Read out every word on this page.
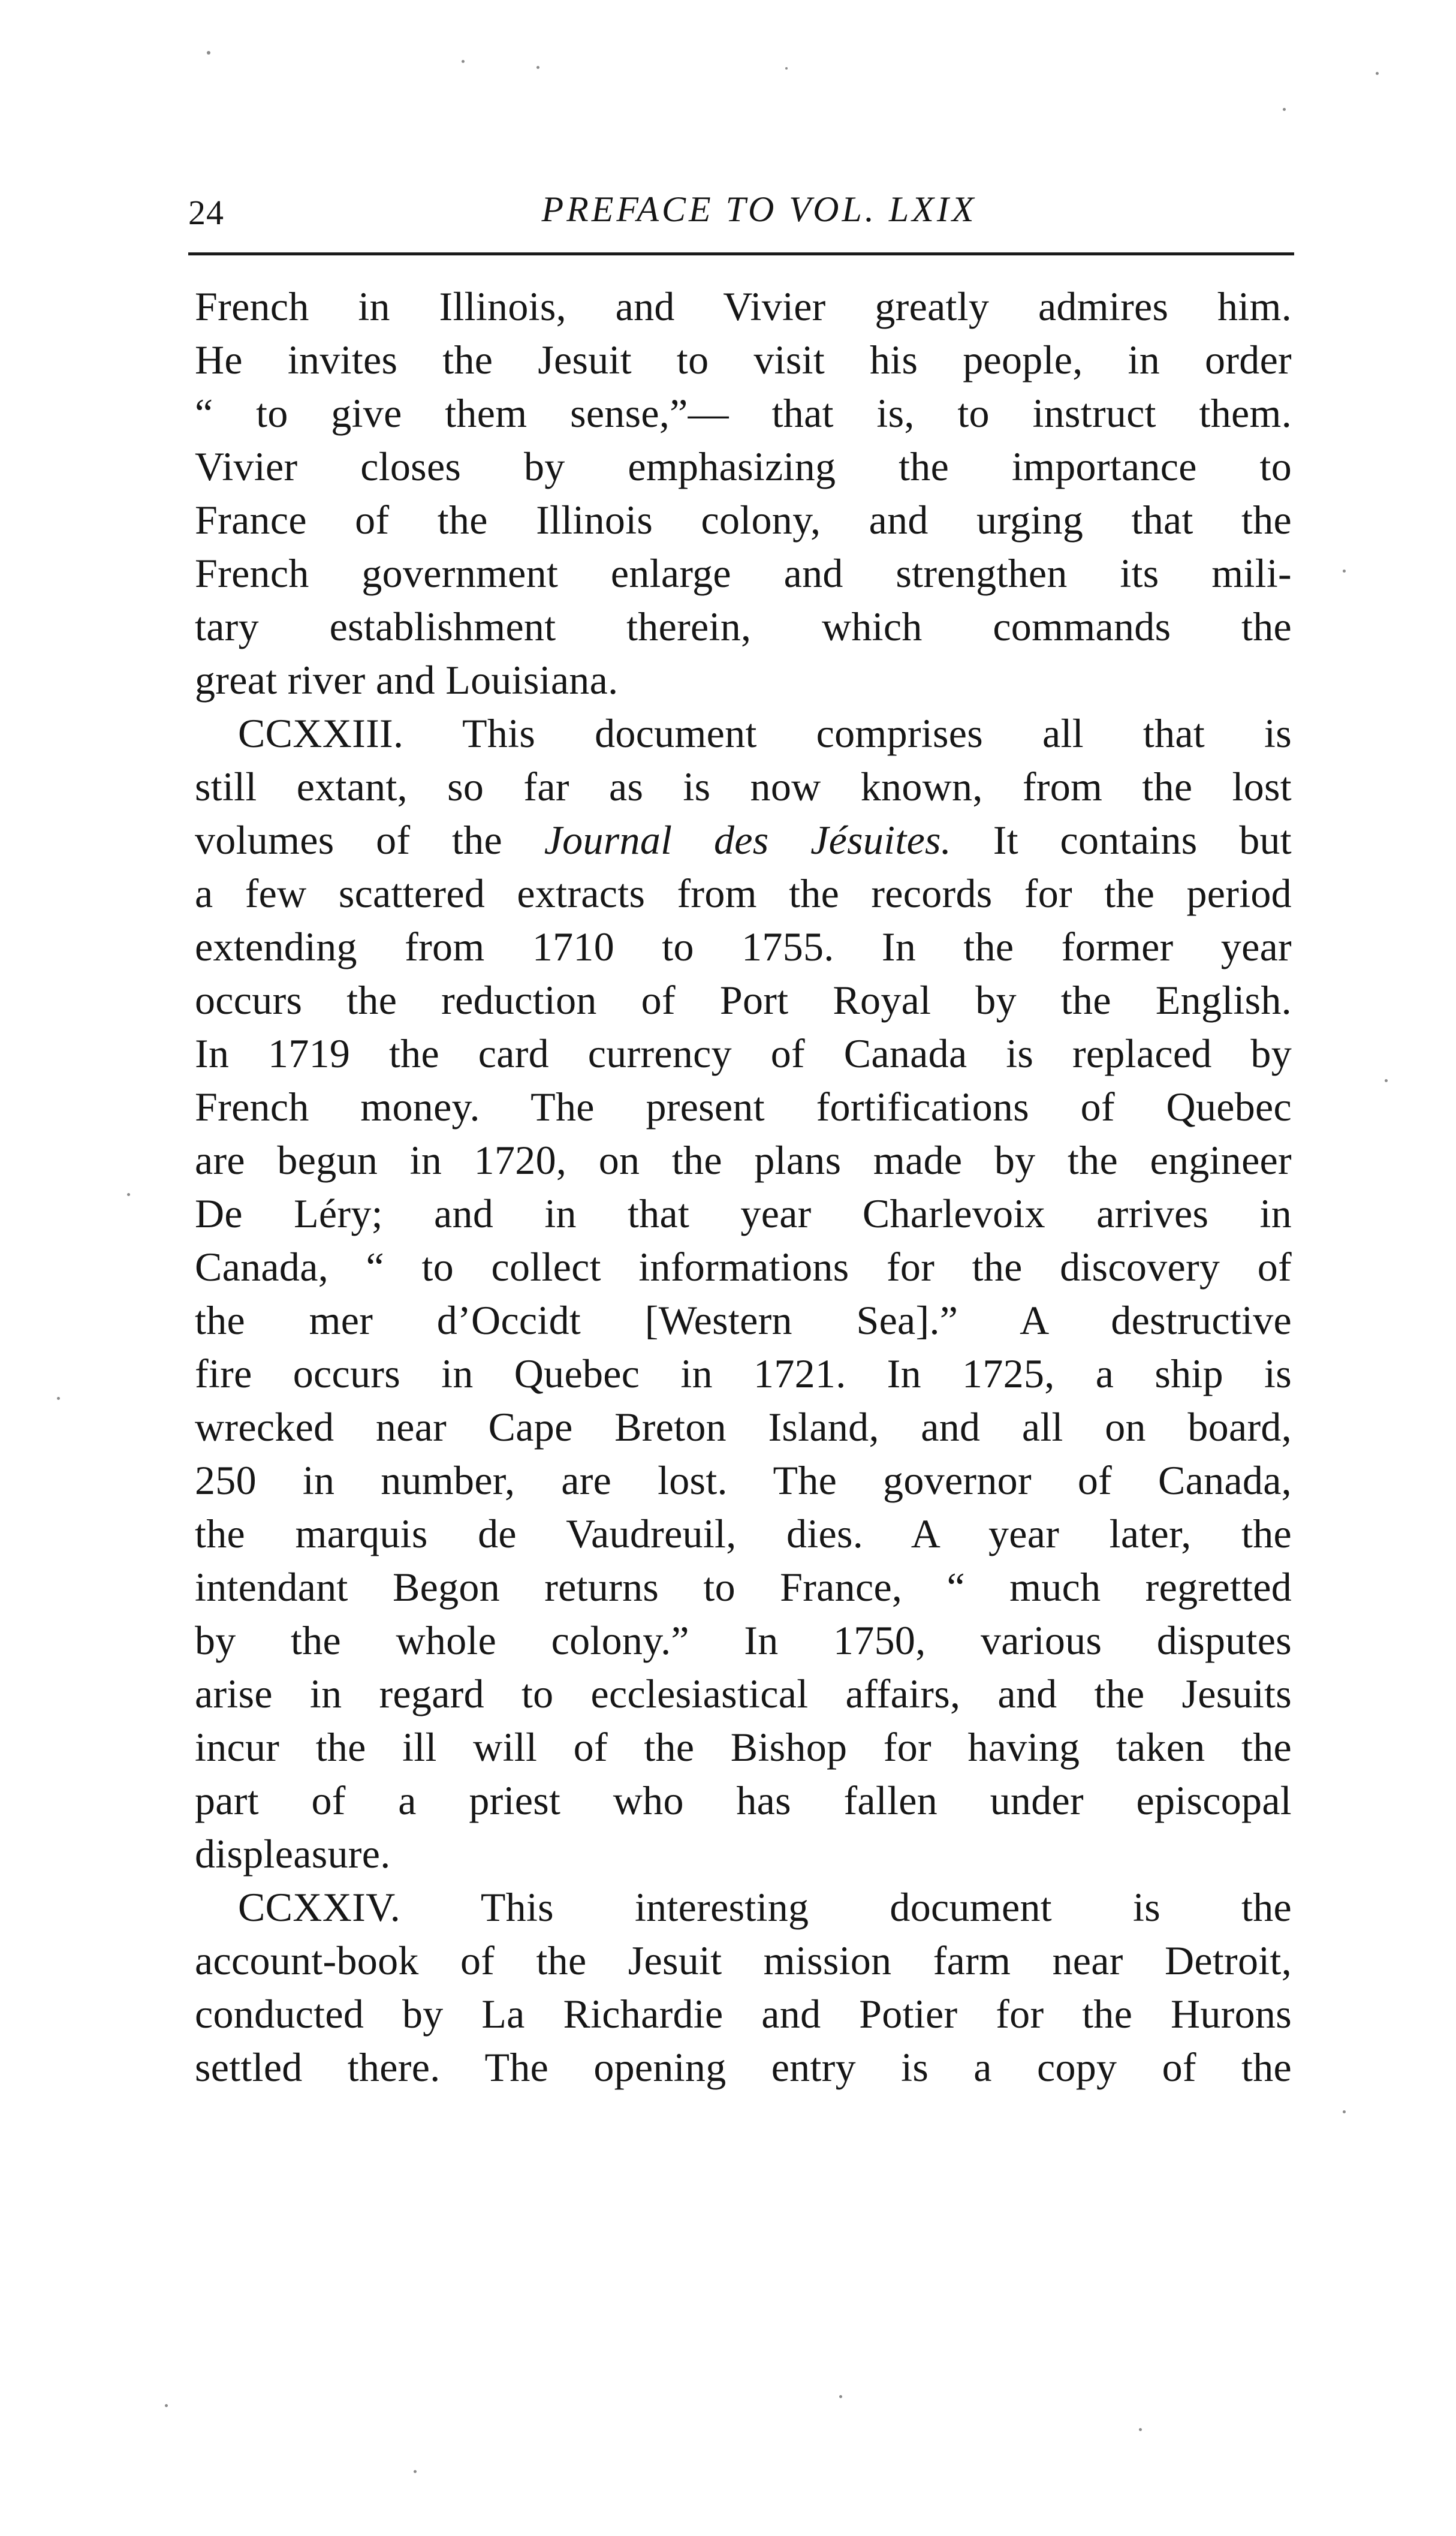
24	PREFACE TO VOL. LXIX
French in Illinois, and Vivier greatly admires him.
He invites the Jesuit to visit his people, in order
“ to give them sense,”— that is, to instruct them.
Vivier closes by emphasizing the importance to
France of the Illinois colony, and urging that the
French government enlarge and strengthen its mili-
tary establishment therein, which commands the
great river and Louisiana.
CCXXIII. This document comprises all that is
still extant, so far as is now known, from the lost
volumes of the Journal des Jésuites. It contains but
a few scattered extracts from the records for the period
extending from 1710 to 1755. In the former year
occurs the reduction of Port Royal by the English.
In 1719 the card currency of Canada is replaced by
French money. The present fortifications of Quebec
are begun in 1720, on the plans made by the engineer
De Léry; and in that year Charlevoix arrives in
Canada, “ to collect informations for the discovery of
the mer d’Occidt [Western Sea].” A destructive
fire occurs in Quebec in 1721. In 1725, a ship is
wrecked near Cape Breton Island, and all on board,
250 in number, are lost. The governor of Canada,
the marquis de Vaudreuil, dies. A year later, the
intendant Begon returns to France, “ much regretted
by the whole colony.” In 1750, various disputes
arise in regard to ecclesiastical affairs, and the Jesuits
incur the ill will of the Bishop for having taken the
part of a priest who has fallen under episcopal
displeasure.
CCXXIV. This interesting document is the
account-book of the Jesuit mission farm near Detroit,
conducted by La Richardie and Potier for the Hurons
settled there. The opening entry is a copy of the
